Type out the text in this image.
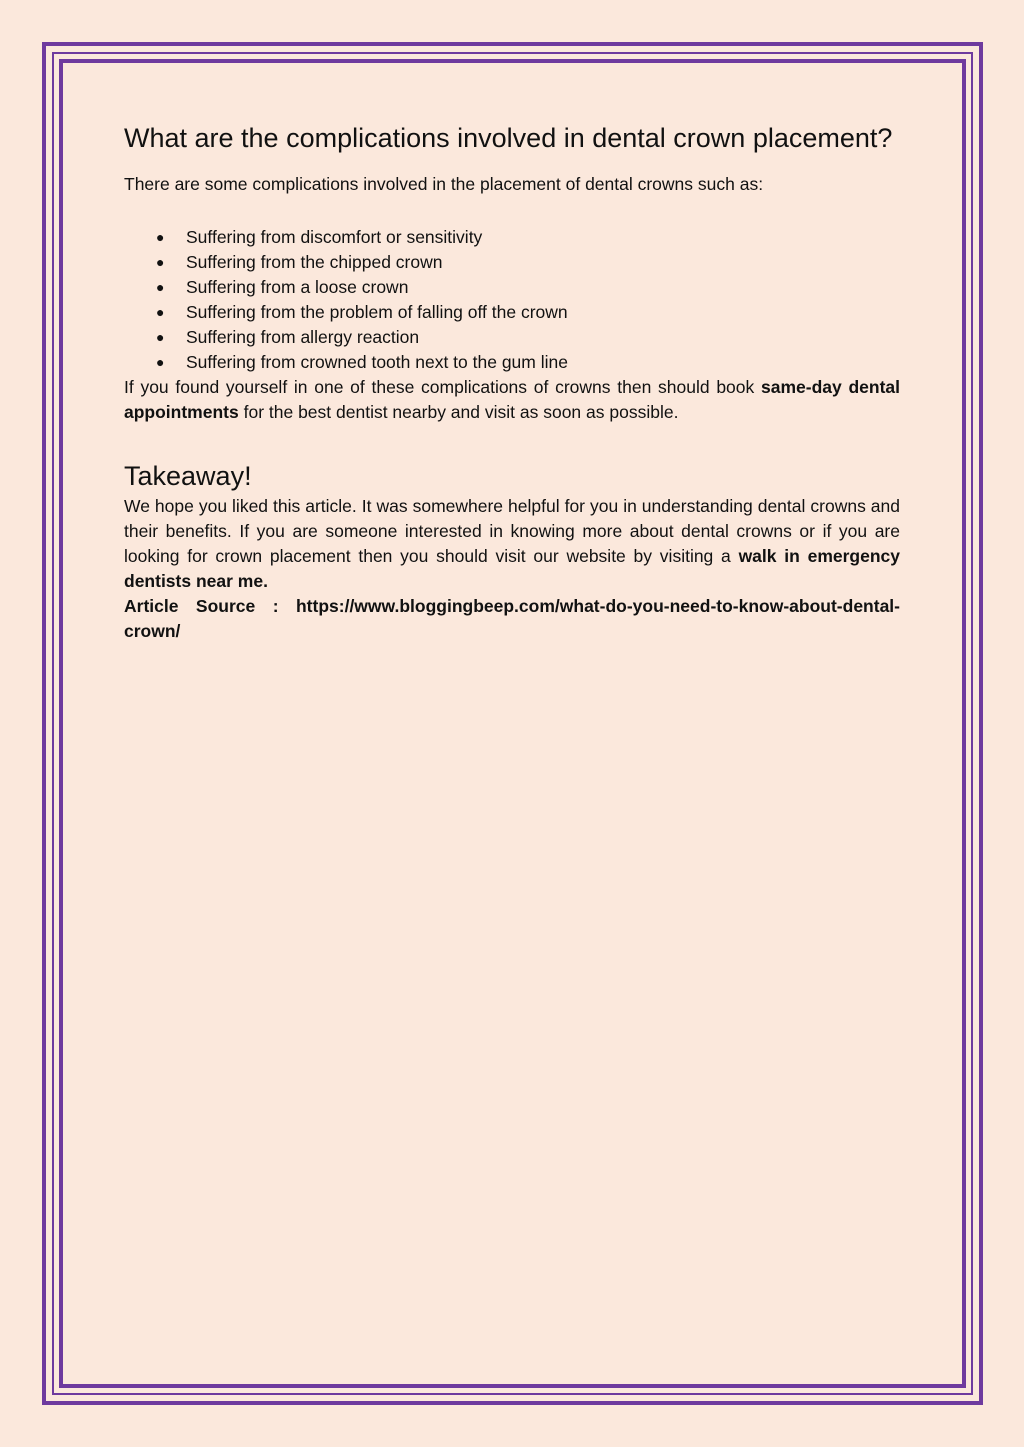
What are the complications involved in dental crown placement?

There are some complications involved in the placement of dental crowns such as:

● Suffering from discomfort or sensitivity
● Suffering from the chipped crown
● Suffering from a loose crown
● Suffering from the problem of falling off the crown
● Suffering from allergy reaction
● Suffering from crowned tooth next to the gum line

If you found yourself in one of these complications of crowns then should book same-day dental appointments for the best dentist nearby and visit as soon as possible.

Takeaway!

We hope you liked this article. It was somewhere helpful for you in understanding dental crowns and their benefits. If you are someone interested in knowing more about dental crowns or if you are looking for crown placement then you should visit our website by visiting a walk in emergency dentists near me.

Article Source : https://www.bloggingbeep.com/what-do-you-need-to-know-about-dental-crown/
